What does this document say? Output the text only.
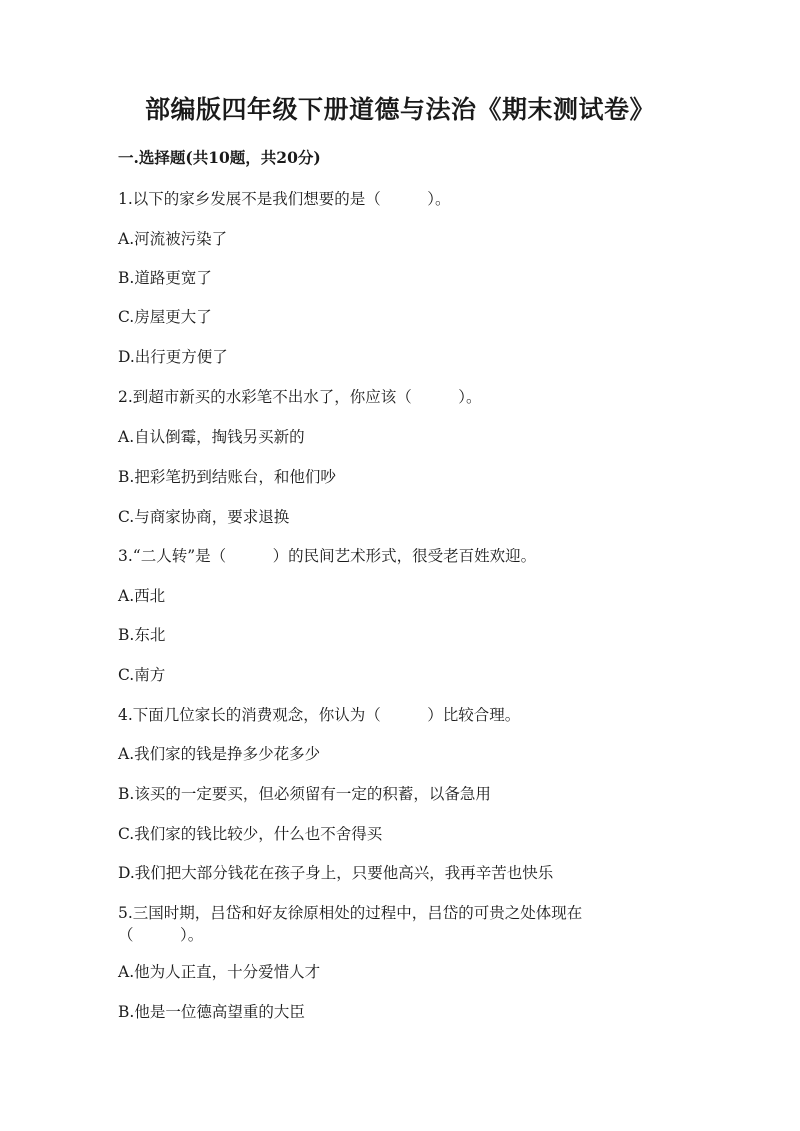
部编版四年级下册道德与法治《期末测试卷》
一.选择题(共10题，共20分)
1.以下的家乡发展不是我们想要的是（　　　）。
A.河流被污染了
B.道路更宽了
C.房屋更大了
D.出行更方便了
2.到超市新买的水彩笔不出水了，你应该（　　　）。
A.自认倒霉，掏钱另买新的
B.把彩笔扔到结账台，和他们吵
C.与商家协商，要求退换
3.“二人转”是（　　　）的民间艺术形式，很受老百姓欢迎。
A.西北
B.东北
C.南方
4.下面几位家长的消费观念，你认为（　　　）比较合理。
A.我们家的钱是挣多少花多少
B.该买的一定要买，但必须留有一定的积蓄，以备急用
C.我们家的钱比较少，什么也不舍得买
D.我们把大部分钱花在孩子身上，只要他高兴，我再辛苦也快乐
5.三国时期，吕岱和好友徐原相处的过程中，吕岱的可贵之处体现在（　　　）。
A.他为人正直，十分爱惜人才
B.他是一位德高望重的大臣
